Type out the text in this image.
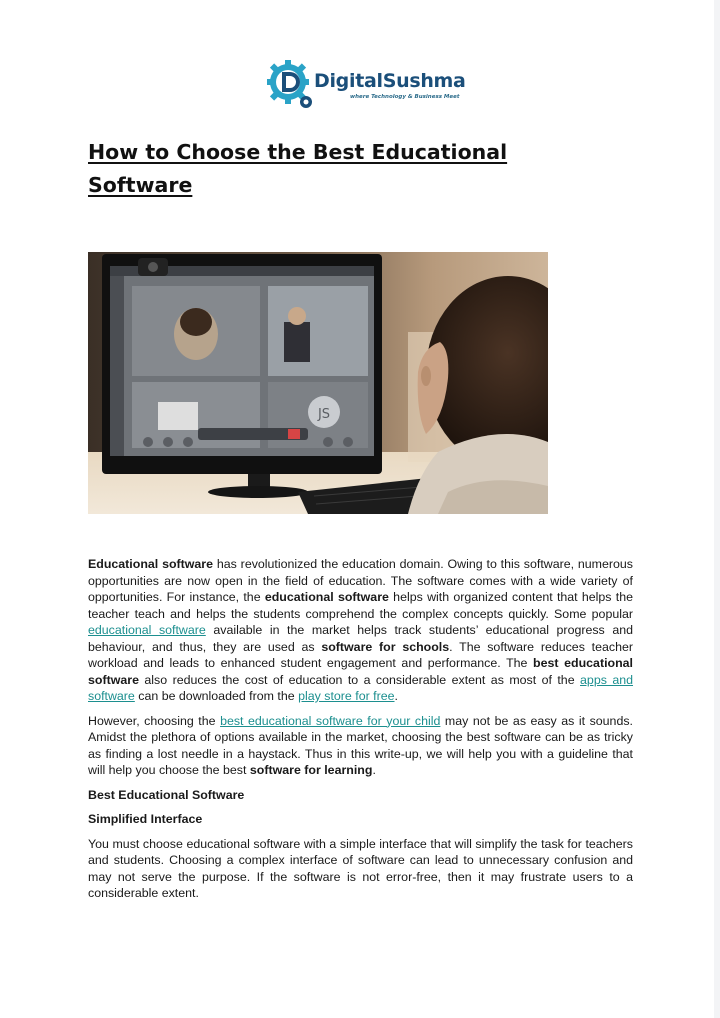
DigitalSushma
where Technology & Business Meet
How to Choose the Best Educational Software
JS

Educational software has revolutionized the education domain. Owing to this software, numerous opportunities are now open in the field of education. The software comes with a wide variety of opportunities. For instance, the educational software helps with organized content that helps the teacher teach and helps the students comprehend the complex concepts quickly. Some popular educational software available in the market helps track students’ educational progress and behaviour, and thus, they are used as software for schools. The software reduces teacher workload and leads to enhanced student engagement and performance. The best educational software also reduces the cost of education to a considerable extent as most of the apps and software can be downloaded from the play store for free.

However, choosing the best educational software for your child may not be as easy as it sounds. Amidst the plethora of options available in the market, choosing the best software can be as tricky as finding a lost needle in a haystack. Thus in this write-up, we will help you with a guideline that will help you choose the best software for learning.

Best Educational Software
Simplified Interface

You must choose educational software with a simple interface that will simplify the task for teachers and students. Choosing a complex interface of software can lead to unnecessary confusion and may not serve the purpose. If the software is not error-free, then it may frustrate users to a considerable extent.
